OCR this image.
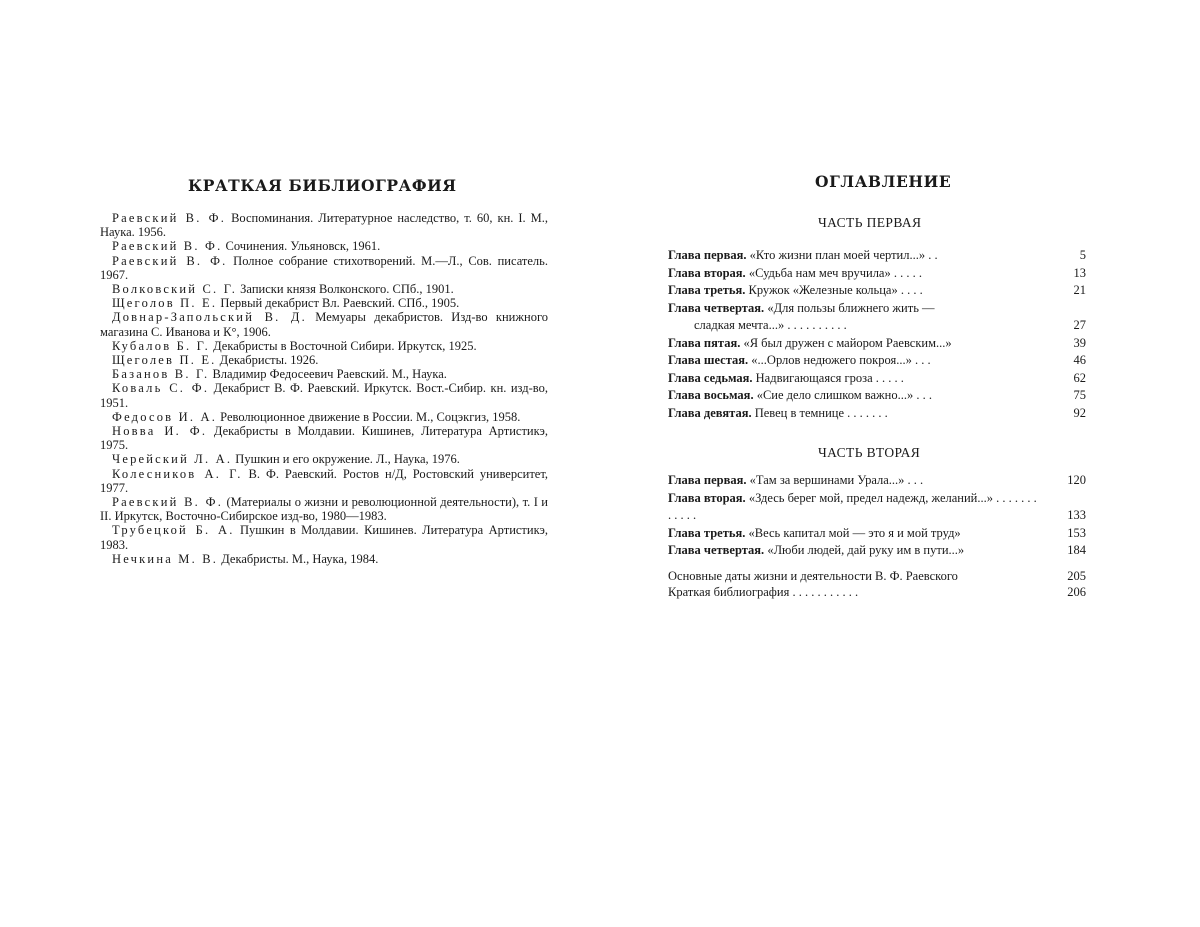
КРАТКАЯ БИБЛИОГРАФИЯ

Раевский В. Ф. Воспоминания. Литературное наследство, т. 60, кн. I. М., Наука. 1956.

Раевский В. Ф. Сочинения. Ульяновск, 1961.

Раевский В. Ф. Полное собрание стихотворений. М.—Л., Сов. писатель. 1967.

Волковский С. Г. Записки князя Волконского. СПб., 1901.

Щеголов П. Е. Первый декабрист Вл. Раевский. СПб., 1905.

Довнар-Запольский В. Д. Мемуары декабристов. Изд-во книжного магазина С. Иванова и К°, 1906.

Кубалов Б. Г. Декабристы в Восточной Сибири. Иркутск, 1925.

Щеголев П. Е. Декабристы. 1926.

Базанов В. Г. Владимир Федосеевич Раевский. М., Наука.

Коваль С. Ф. Декабрист В. Ф. Раевский. Иркутск. Вост.-Сибир. кн. изд-во, 1951.

Федосов И. А. Революционное движение в России. М., Соцэкгиз, 1958.

Новва И. Ф. Декабристы в Молдавии. Кишинев, Литература Артистикэ, 1975.

Черейский Л. А. Пушкин и его окружение. Л., Наука, 1976.

Колесников А. Г. В. Ф. Раевский. Ростов н/Д, Ростовский университет, 1977.

Раевский В. Ф. (Материалы о жизни и революционной деятельности), т. I и II. Иркутск, Восточно-Сибирское изд-во, 1980—1983.

Трубецкой Б. А. Пушкин в Молдавии. Кишинев. Литература Артистикэ, 1983.

Нечкина М. В. Декабристы. М., Наука, 1984.

ОГЛАВЛЕНИЕ

ЧАСТЬ ПЕРВАЯ

Глава первая. «Кто жизни план моей чертил...» . .	5
Глава вторая. «Судьба нам меч вручила» . . . . .	13
Глава третья. Кружок «Железные кольца» . . . .	21
Глава четвертая. «Для пользы ближнего жить —
сладкая мечта...» . . . . . . . . . .	27
Глава пятая. «Я был дружен с майором Раевским...»	39
Глава шестая. «...Орлов недюжего покроя...» . . .	46
Глава седьмая. Надвигающаяся гроза . . . . .	62
Глава восьмая. «Сие дело слишком важно...» . . .	75
Глава девятая. Певец в темнице . . . . . . .	92

ЧАСТЬ ВТОРАЯ

Глава первая. «Там за вершинами Урала...» . . .	120
Глава вторая. «Здесь берег мой, предел надежд, желаний...» . . . . . . . . . . . .	133
Глава третья. «Весь капитал мой — это я и мой труд»	153
Глава четвертая. «Люби людей, дай руку им в пути...»	184
Основные даты жизни и деятельности В. Ф. Раевского	205
Краткая библиография . . . . . . . . . . .	206
